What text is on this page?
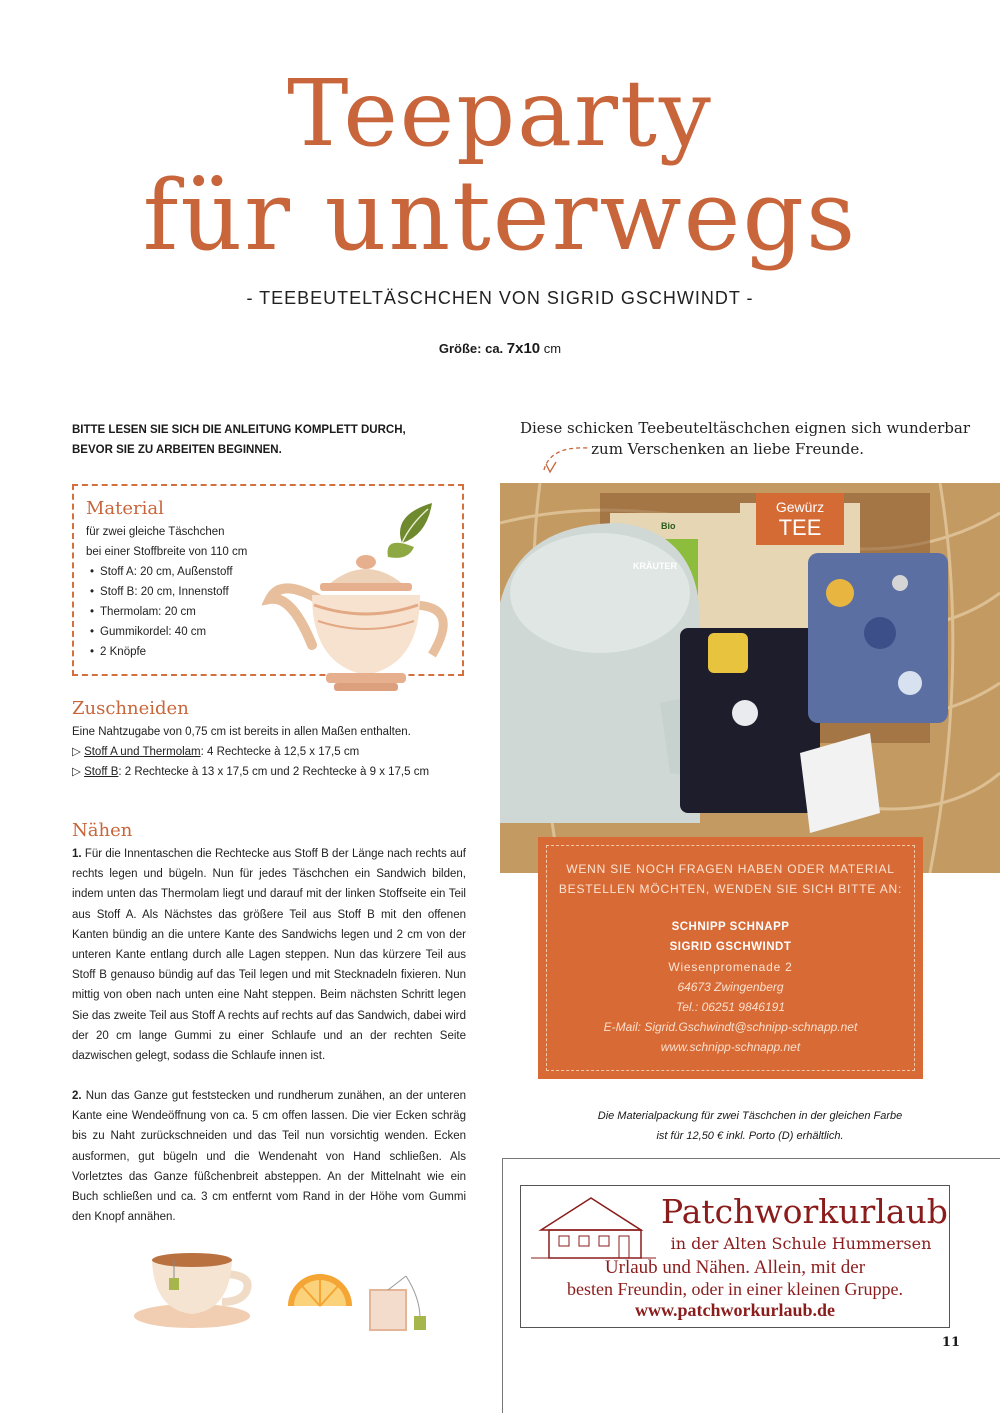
Teeparty
für unterwegs
- TEEBEUTELTÄSCHCHEN VON SIGRID GSCHWINDT -
Größe: ca. 7x10 cm
BITTE LESEN SIE SICH DIE ANLEITUNG KOMPLETT DURCH,
BEVOR SIE ZU ARBEITEN BEGINNEN.
Diese schicken Teebeuteltäschchen eignen sich wunderbar
zum Verschenken an liebe Freunde.
Material
für zwei gleiche Täschchen
bei einer Stoffbreite von 110 cm
• Stoff A: 20 cm, Außenstoff
• Stoff B: 20 cm, Innenstoff
• Thermolam: 20 cm
• Gummikordel: 40 cm
• 2 Knöpfe
Zuschneiden
Eine Nahtzugabe von 0,75 cm ist bereits in allen Maßen enthalten.
▷ Stoff A und Thermolam: 4 Rechtecke à 12,5 x 17,5 cm
▷ Stoff B: 2 Rechtecke à 13 x 17,5 cm und 2 Rechtecke à 9 x 17,5 cm
Nähen
1. Für die Innentaschen die Rechtecke aus Stoff B der Länge nach rechts auf rechts legen und bügeln. Nun für jedes Täschchen ein Sandwich bilden, indem unten das Thermolam liegt und darauf mit der linken Stoffseite ein Teil aus Stoff A. Als Nächstes das größere Teil aus Stoff B mit den offenen Kanten bündig an die untere Kante des Sandwichs legen und 2 cm von der unteren Kante entlang durch alle Lagen steppen. Nun das kürzere Teil aus Stoff B genauso bündig auf das Teil legen und mit Stecknadeln fixieren. Nun mittig von oben nach unten eine Naht steppen. Beim nächsten Schritt legen Sie das zweite Teil aus Stoff A rechts auf rechts auf das Sandwich, dabei wird der 20 cm lange Gummi zu einer Schlaufe und an der rechten Seite dazwischen gelegt, sodass die Schlaufe innen ist.
2. Nun das Ganze gut feststecken und rundherum zunähen, an der unteren Kante eine Wendeöffnung von ca. 5 cm offen lassen. Die vier Ecken schräg bis zu Naht zurückschneiden und das Teil nun vorsichtig wenden. Ecken ausformen, gut bügeln und die Wendenaht von Hand schließen. Als Vorletztes das Ganze füßchenbreit absteppen. An der Mittelnaht wie ein Buch schließen und ca. 3 cm entfernt vom Rand in der Höhe vom Gummi den Knopf annähen.
Bio
KRÄUTER
Gewürz
TEE
WENN SIE NOCH FRAGEN HABEN ODER MATERIAL
BESTELLEN MÖCHTEN, WENDEN SIE SICH BITTE AN:
SCHNIPP SCHNAPP
SIGRID GSCHWINDT
Wiesenpromenade 2
64673 Zwingenberg
Tel.: 06251 9846191
E-Mail: Sigrid.Gschwindt@schnipp-schnapp.net
www.schnipp-schnapp.net
Die Materialpackung für zwei Täschchen in der gleichen Farbe
ist für 12,50 € inkl. Porto (D) erhältlich.
Patchworkurlaub
in der Alten Schule Hummersen
Urlaub und Nähen. Allein, mit der
besten Freundin, oder in einer kleinen Gruppe.
www.patchworkurlaub.de
11
